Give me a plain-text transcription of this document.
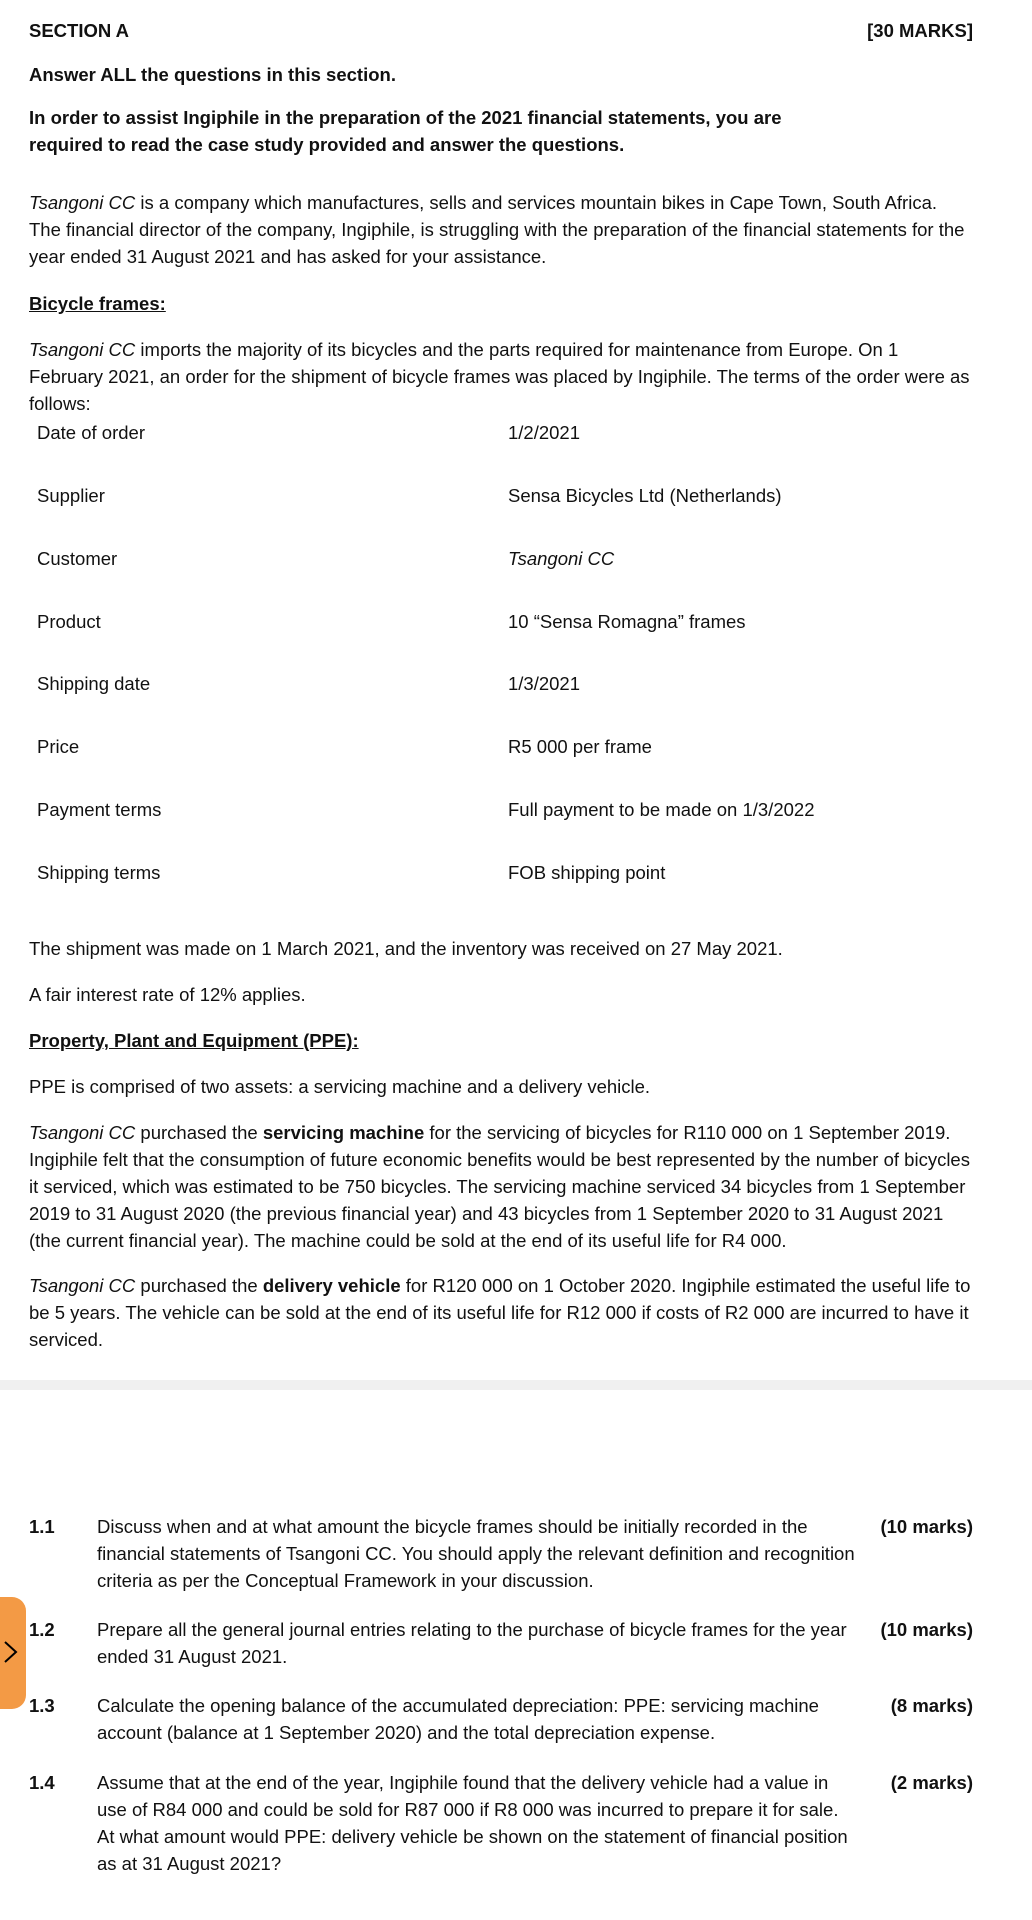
SECTION A	[30 MARKS]
Answer ALL the questions in this section.
In order to assist Ingiphile in the preparation of the 2021 financial statements, you are required to read the case study provided and answer the questions.
Tsangoni CC is a company which manufactures, sells and services mountain bikes in Cape Town, South Africa. The financial director of the company, Ingiphile, is struggling with the preparation of the financial statements for the year ended 31 August 2021 and has asked for your assistance.
Bicycle frames:
Tsangoni CC imports the majority of its bicycles and the parts required for maintenance from Europe. On 1 February 2021, an order for the shipment of bicycle frames was placed by Ingiphile. The terms of the order were as follows:
Date of order	1/2/2021
Supplier	Sensa Bicycles Ltd (Netherlands)
Customer	Tsangoni CC
Product	10 “Sensa Romagna” frames
Shipping date	1/3/2021
Price	R5 000 per frame
Payment terms	Full payment to be made on 1/3/2022
Shipping terms	FOB shipping point
The shipment was made on 1 March 2021, and the inventory was received on 27 May 2021.
A fair interest rate of 12% applies.
Property, Plant and Equipment (PPE):
PPE is comprised of two assets: a servicing machine and a delivery vehicle.
Tsangoni CC purchased the servicing machine for the servicing of bicycles for R110 000 on 1 September 2019. Ingiphile felt that the consumption of future economic benefits would be best represented by the number of bicycles it serviced, which was estimated to be 750 bicycles. The servicing machine serviced 34 bicycles from 1 September 2019 to 31 August 2020 (the previous financial year) and 43 bicycles from 1 September 2020 to 31 August 2021 (the current financial year). The machine could be sold at the end of its useful life for R4 000.
Tsangoni CC purchased the delivery vehicle for R120 000 on 1 October 2020. Ingiphile estimated the useful life to be 5 years. The vehicle can be sold at the end of its useful life for R12 000 if costs of R2 000 are incurred to have it serviced.
1.1 Discuss when and at what amount the bicycle frames should be initially recorded in the financial statements of Tsangoni CC. You should apply the relevant definition and recognition criteria as per the Conceptual Framework in your discussion.
(10 marks)
1.2 Prepare all the general journal entries relating to the purchase of bicycle frames for the year ended 31 August 2021.
(10 marks)
1.3 Calculate the opening balance of the accumulated depreciation: PPE: servicing machine account (balance at 1 September 2020) and the total depreciation expense.
(8 marks)
1.4 Assume that at the end of the year, Ingiphile found that the delivery vehicle had a value in use of R84 000 and could be sold for R87 000 if R8 000 was incurred to prepare it for sale. At what amount would PPE: delivery vehicle be shown on the statement of financial position as at 31 August 2021?
(2 marks)
